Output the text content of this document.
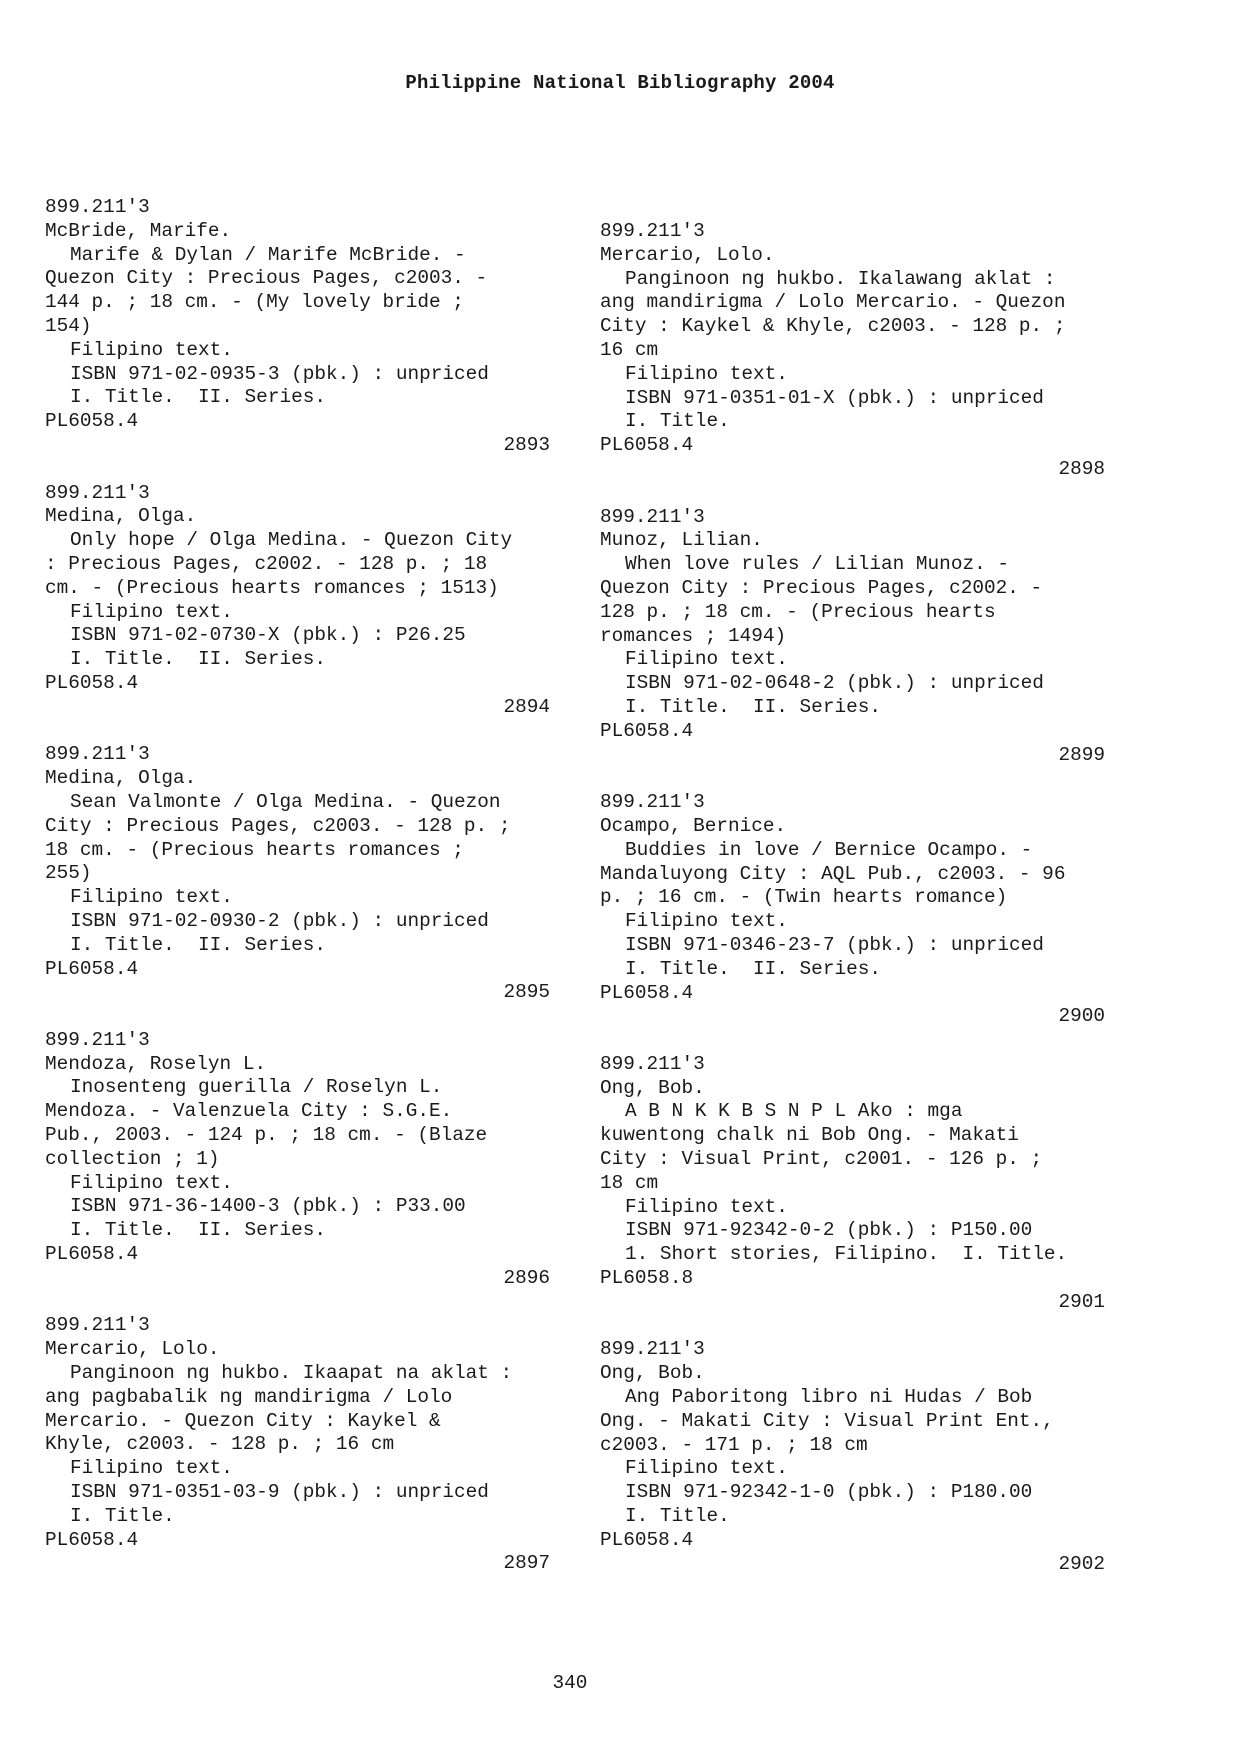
Philippine National Bibliography 2004
899.211'3
McBride, Marife.
Marife & Dylan / Marife McBride. -
Quezon City : Precious Pages, c2003. -
144 p. ; 18 cm. - (My lovely bride ;
154)
Filipino text.
ISBN 971-02-0935-3 (pbk.) : unpriced
I. Title.  II. Series.
PL6058.4
2893
899.211'3
Medina, Olga.
Only hope / Olga Medina. - Quezon City
: Precious Pages, c2002. - 128 p. ; 18
cm. - (Precious hearts romances ; 1513)
Filipino text.
ISBN 971-02-0730-X (pbk.) : P26.25
I. Title.  II. Series.
PL6058.4
2894
899.211'3
Medina, Olga.
Sean Valmonte / Olga Medina. - Quezon
City : Precious Pages, c2003. - 128 p. ;
18 cm. - (Precious hearts romances ;
255)
Filipino text.
ISBN 971-02-0930-2 (pbk.) : unpriced
I. Title.  II. Series.
PL6058.4
2895
899.211'3
Mendoza, Roselyn L.
Inosenteng guerilla / Roselyn L.
Mendoza. - Valenzuela City : S.G.E.
Pub., 2003. - 124 p. ; 18 cm. - (Blaze
collection ; 1)
Filipino text.
ISBN 971-36-1400-3 (pbk.) : P33.00
I. Title.  II. Series.
PL6058.4
2896
899.211'3
Mercario, Lolo.
Panginoon ng hukbo. Ikaapat na aklat :
ang pagbabalik ng mandirigma / Lolo
Mercario. - Quezon City : Kaykel &
Khyle, c2003. - 128 p. ; 16 cm
Filipino text.
ISBN 971-0351-03-9 (pbk.) : unpriced
I. Title.
PL6058.4
2897
899.211'3
Mercario, Lolo.
Panginoon ng hukbo. Ikalawang aklat :
ang mandirigma / Lolo Mercario. - Quezon
City : Kaykel & Khyle, c2003. - 128 p. ;
16 cm
Filipino text.
ISBN 971-0351-01-X (pbk.) : unpriced
I. Title.
PL6058.4
2898
899.211'3
Munoz, Lilian.
When love rules / Lilian Munoz. -
Quezon City : Precious Pages, c2002. -
128 p. ; 18 cm. - (Precious hearts
romances ; 1494)
Filipino text.
ISBN 971-02-0648-2 (pbk.) : unpriced
I. Title.  II. Series.
PL6058.4
2899
899.211'3
Ocampo, Bernice.
Buddies in love / Bernice Ocampo. -
Mandaluyong City : AQL Pub., c2003. - 96
p. ; 16 cm. - (Twin hearts romance)
Filipino text.
ISBN 971-0346-23-7 (pbk.) : unpriced
I. Title.  II. Series.
PL6058.4
2900
899.211'3
Ong, Bob.
A B N K K B S N P L Ako : mga
kuwentong chalk ni Bob Ong. - Makati
City : Visual Print, c2001. - 126 p. ;
18 cm
Filipino text.
ISBN 971-92342-0-2 (pbk.) : P150.00
1. Short stories, Filipino.  I. Title.
PL6058.8
2901
899.211'3
Ong, Bob.
Ang Paboritong libro ni Hudas / Bob
Ong. - Makati City : Visual Print Ent.,
c2003. - 171 p. ; 18 cm
Filipino text.
ISBN 971-92342-1-0 (pbk.) : P180.00
I. Title.
PL6058.4
2902
340
